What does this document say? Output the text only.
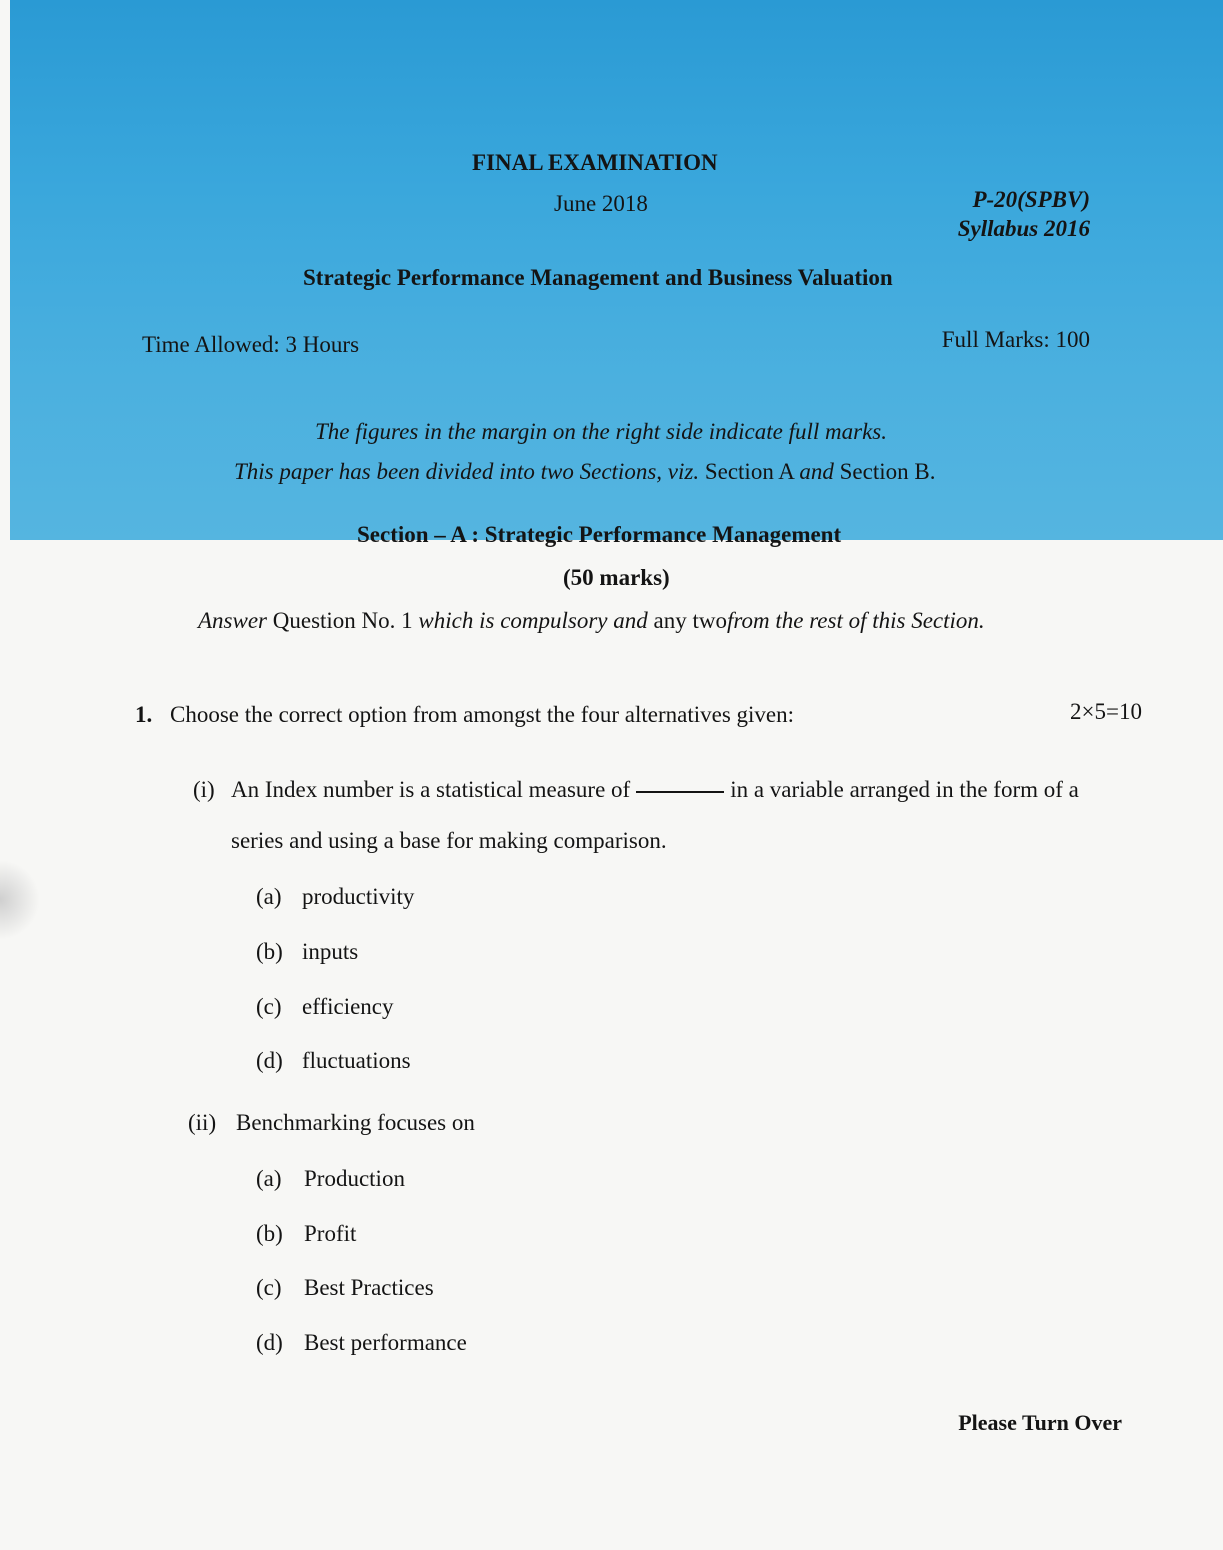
FINAL EXAMINATION
June 2018	P-20(SPBV)
Syllabus 2016
Strategic Performance Management and Business Valuation
Time Allowed: 3 Hours	Full Marks: 100
The figures in the margin on the right side indicate full marks.
This paper has been divided into two Sections, viz. Section A and Section B.
Section – A : Strategic Performance Management
(50 marks)
Answer Question No. 1 which is compulsory and any twofrom the rest of this Section.
1. Choose the correct option from amongst the four alternatives given:	2×5=10
(i) An Index number is a statistical measure of	in a variable arranged in the form of a
series and using a base for making comparison.
(a) productivity
(b) inputs
(c) efficiency
(d) fluctuations
(ii) Benchmarking focuses on
(a) Production
(b) Profit
(c) Best Practices
(d) Best performance
Please Turn Over
